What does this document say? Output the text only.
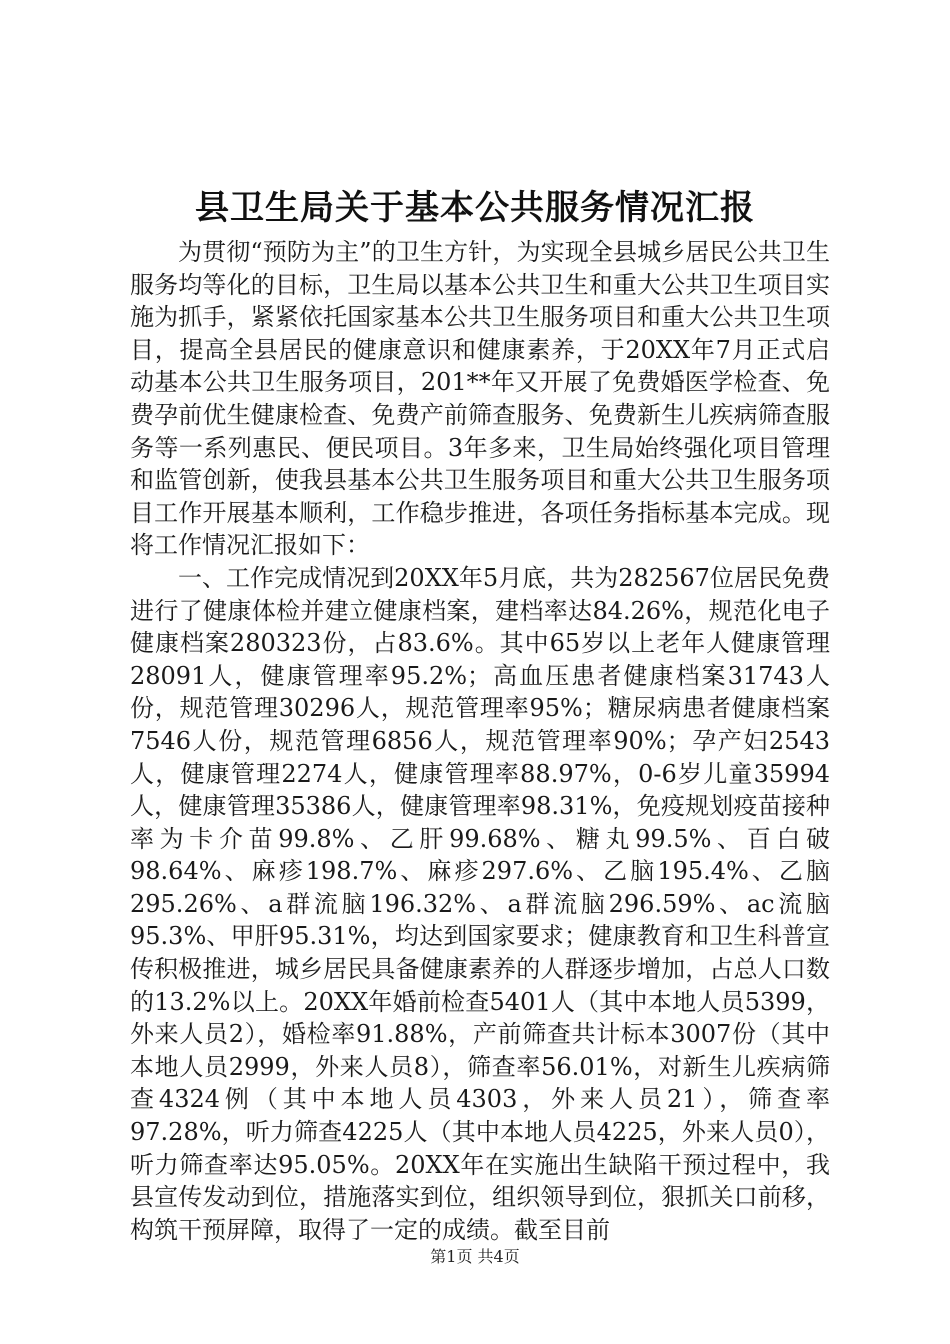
县卫生局关于基本公共服务情况汇报

为贯彻“预防为主”的卫生方针，为实现全县城乡居民公共卫生服务均等化的目标，卫生局以基本公共卫生和重大公共卫生项目实施为抓手，紧紧依托国家基本公共卫生服务项目和重大公共卫生项目，提高全县居民的健康意识和健康素养，于20XX年7月正式启动基本公共卫生服务项目，201**年又开展了免费婚医学检查、免费孕前优生健康检查、免费产前筛查服务、免费新生儿疾病筛查服务等一系列惠民、便民项目。3年多来，卫生局始终强化项目管理和监管创新，使我县基本公共卫生服务项目和重大公共卫生服务项目工作开展基本顺利，工作稳步推进，各项任务指标基本完成。现将工作情况汇报如下：

一、工作完成情况到20XX年5月底，共为282567位居民免费进行了健康体检并建立健康档案，建档率达84.26%，规范化电子健康档案280323份，占83.6%。其中65岁以上老年人健康管理28091人，健康管理率95.2%；高血压患者健康档案31743人份，规范管理30296人，规范管理率95%；糖尿病患者健康档案7546人份，规范管理6856人，规范管理率90%；孕产妇2543人，健康管理2274人，健康管理率88.97%，0-6岁儿童35994人，健康管理35386人，健康管理率98.31%，免疫规划疫苗接种率为卡介苗99.8%、乙肝99.68%、糖丸99.5%、百白破98.64%、麻疹198.7%、麻疹297.6%、乙脑195.4%、乙脑295.26%、a群流脑196.32%、a群流脑296.59%、ac流脑95.3%、甲肝95.31%，均达到国家要求；健康教育和卫生科普宣传积极推进，城乡居民具备健康素养的人群逐步增加，占总人口数的13.2%以上。20XX年婚前检查5401人（其中本地人员5399，外来人员2），婚检率91.88%，产前筛查共计标本3007份（其中本地人员2999，外来人员8），筛查率56.01%，对新生儿疾病筛查4324例（其中本地人员4303，外来人员21），筛查率97.28%，听力筛查4225人（其中本地人员4225，外来人员0），听力筛查率达95.05%。20XX年在实施出生缺陷干预过程中，我县宣传发动到位，措施落实到位，组织领导到位，狠抓关口前移，构筑干预屏障，取得了一定的成绩。截至目前

第1页 共4页
